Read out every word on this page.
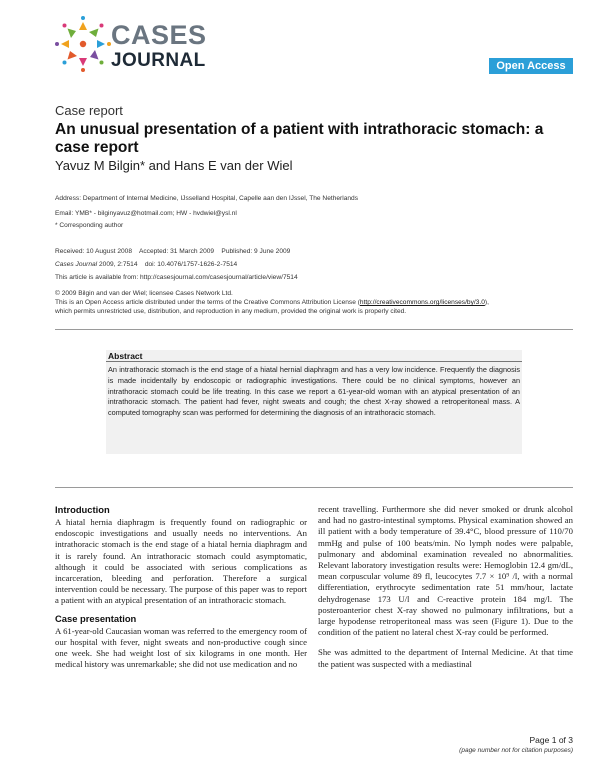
CASES
JOURNAL	Open Access
Case report
An unusual presentation of a patient with intrathoracic stomach: a case report
Yavuz M Bilgin* and Hans E van der Wiel
Address: Department of Internal Medicine, IJsselland Hospital, Capelle aan den IJssel, The Netherlands
Email: YMB* - bilginyavuz@hotmail.com; HW - hvdwiel@ysl.nl
* Corresponding author
Received: 10 August 2008    Accepted: 31 March 2009    Published: 9 June 2009
Cases Journal 2009, 2:7514    doi: 10.4076/1757-1626-2-7514
This article is available from: http://casesjournal.com/casesjournal/article/view/7514
© 2009 Bilgin and van der Wiel; licensee Cases Network Ltd.
This is an Open Access article distributed under the terms of the Creative Commons Attribution License (http://creativecommons.org/licenses/by/3.0),
which permits unrestricted use, distribution, and reproduction in any medium, provided the original work is properly cited.
Abstract
An intrathoracic stomach is the end stage of a hiatal hernial diaphragm and has a very low incidence. Frequently the diagnosis is made incidentally by endoscopic or radiographic investigations. There could be no clinical symptoms, however an intrathoracic stomach could be life treating. In this case we report a 61-year-old woman with an atypical presentation of an intrathoracic stomach. The patient had fever, night sweats and cough; the chest X-ray showed a retroperitoneal mass. A computed tomography scan was performed for determining the diagnosis of an intrathoracic stomach.
Introduction

A hiatal hernia diaphragm is frequently found on radiographic or endoscopic investigations and usually needs no interventions. An intrathoracic stomach is the end stage of a hiatal hernia diaphragm and it is rarely found. An intrathoracic stomach could asymptomatic, although it could be associated with serious complications as incarceration, bleeding and perforation. Therefore a surgical intervention could be necessary. The purpose of this paper was to report a patient with an atypical presentation of an intrathoracic stomach.

Case presentation

A 61-year-old Caucasian woman was referred to the emergency room of our hospital with fever, night sweats and non-productive cough since one week. She had weight lost of six kilograms in one month. Her medical history was unremarkable; she did not use medication and no

recent travelling. Furthermore she did never smoked or drunk alcohol and had no gastro-intestinal symptoms. Physical examination showed an ill patient with a body temperature of 39.4°C, blood pressure of 110/70 mmHg and pulse of 100 beats/min. No lymph nodes were palpable, pulmonary and abdominal examination revealed no abnormalities. Relevant laboratory investigation results were: Hemoglobin 12.4 gm/dL, mean corpuscular volume 89 fl, leucocytes 7.7 × 10⁹ /l, with a normal differentiation, erythrocyte sedimentation rate 51 mm/hour, lactate dehydrogenase 173 U/l and C-reactive protein 184 mg/l. The posteroanterior chest X-ray showed no pulmonary infiltrations, but a large hypodense retroperitoneal mass was seen (Figure 1). Due to the condition of the patient no lateral chest X-ray could be performed.

She was admitted to the department of Internal Medicine. At that time the patient was suspected with a mediastinal

Page 1 of 3
(page number not for citation purposes)
